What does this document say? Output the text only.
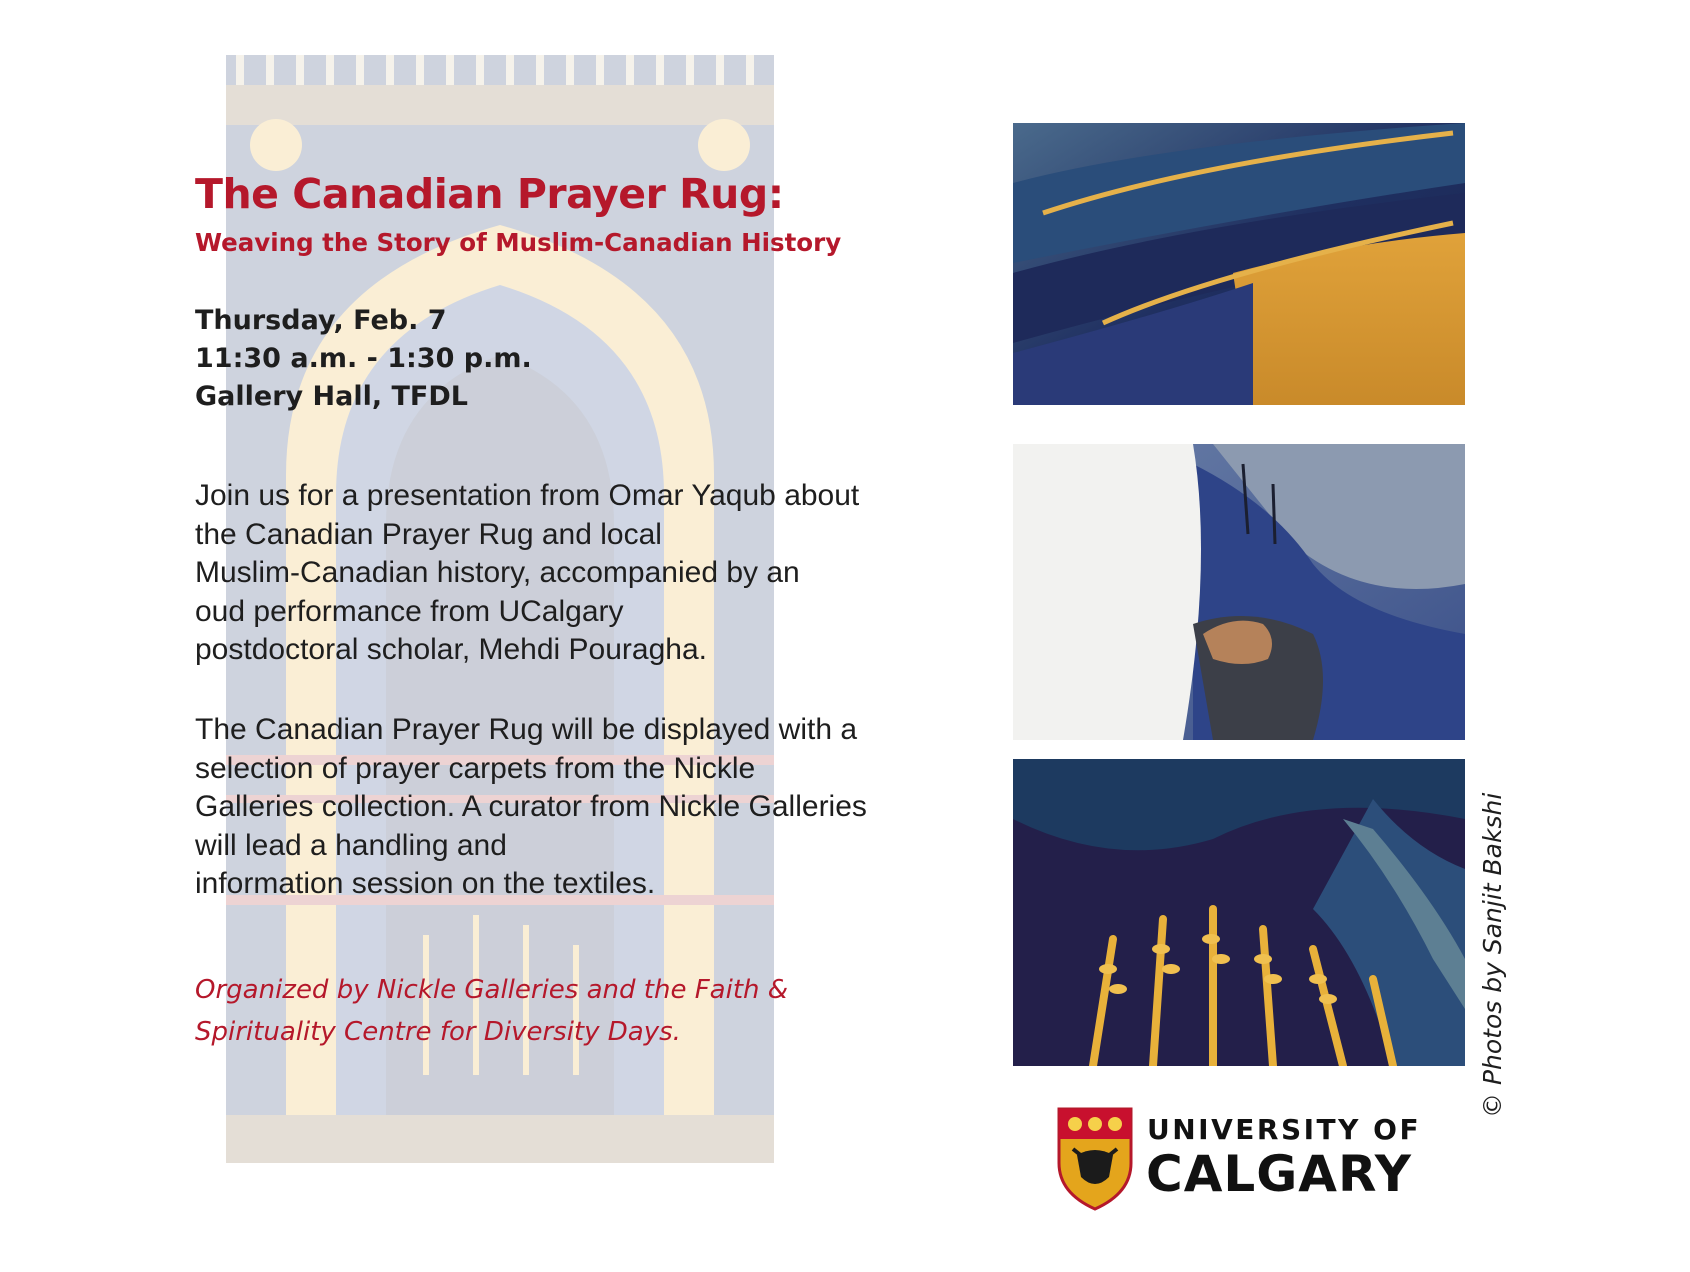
The Canadian Prayer Rug:
Weaving the Story of Muslim-Canadian History
Thursday, Feb. 7
11:30 a.m. - 1:30 p.m.
Gallery Hall, TFDL
Join us for a presentation from Omar Yaqub about
the Canadian Prayer Rug and local
Muslim-Canadian history, accompanied by an
oud performance from UCalgary
postdoctoral scholar, Mehdi Pouragha.
The Canadian Prayer Rug will be displayed with a
selection of prayer carpets from the Nickle
Galleries collection. A curator from Nickle Galleries
will lead a handling and
information session on the textiles.
Organized by Nickle Galleries and the Faith &
Spirituality Centre for Diversity Days.	© Photos by Sanjit Bakshi
UNIVERSITY OF
CALGARY
